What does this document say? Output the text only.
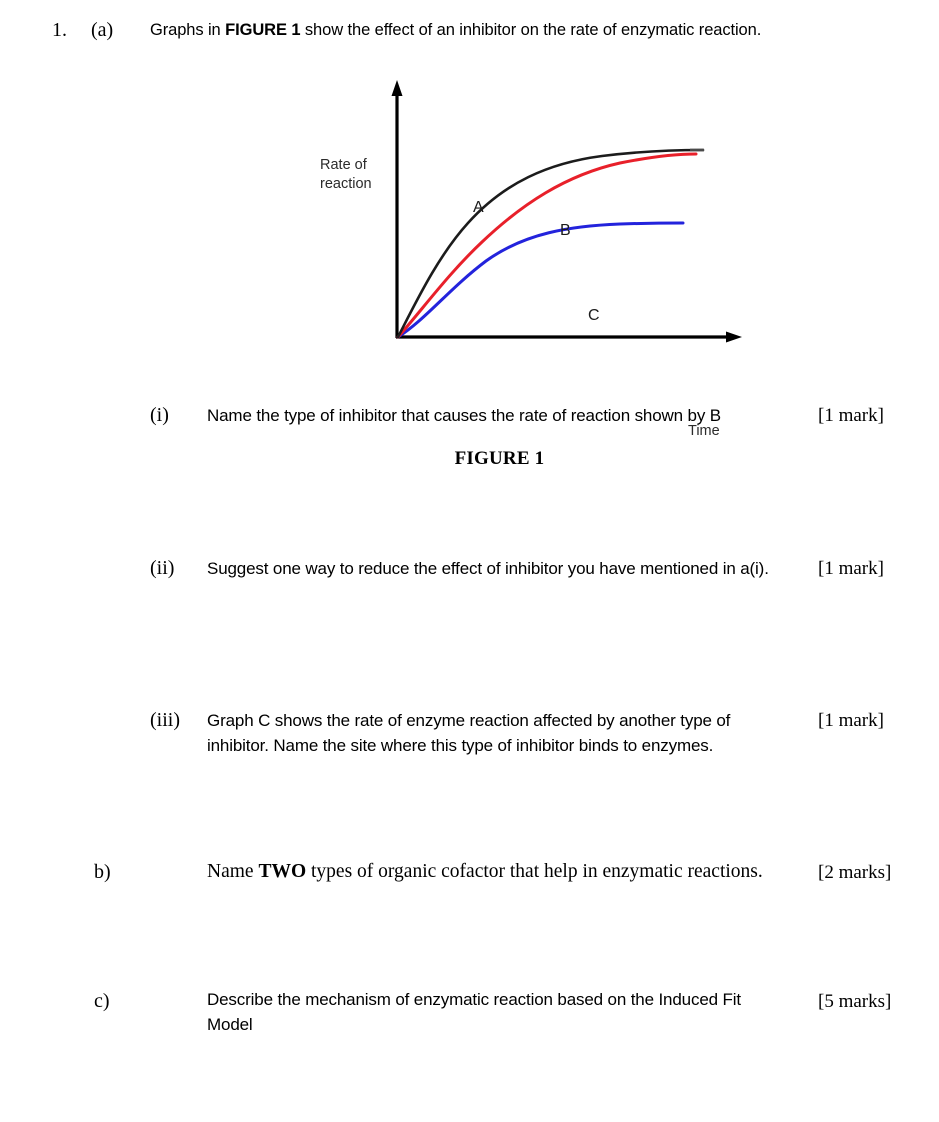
1. (a) Graphs in FIGURE 1 show the effect of an inhibitor on the rate of enzymatic reaction.
Rate of reaction
Time
A
B
C
FIGURE 1
(i) Name the type of inhibitor that causes the rate of reaction shown by B	[1 mark]
(ii) Suggest one way to reduce the effect of inhibitor you have mentioned in a(i).	[1 mark]
(iii) Graph C shows the rate of enzyme reaction affected by another type of inhibitor. Name the site where this type of inhibitor binds to enzymes.
[1 mark]
b)	Name TWO types of organic cofactor that help in enzymatic reactions.	[2 marks]
c)	Describe the mechanism of enzymatic reaction based on the Induced Fit Model
[5 marks]
